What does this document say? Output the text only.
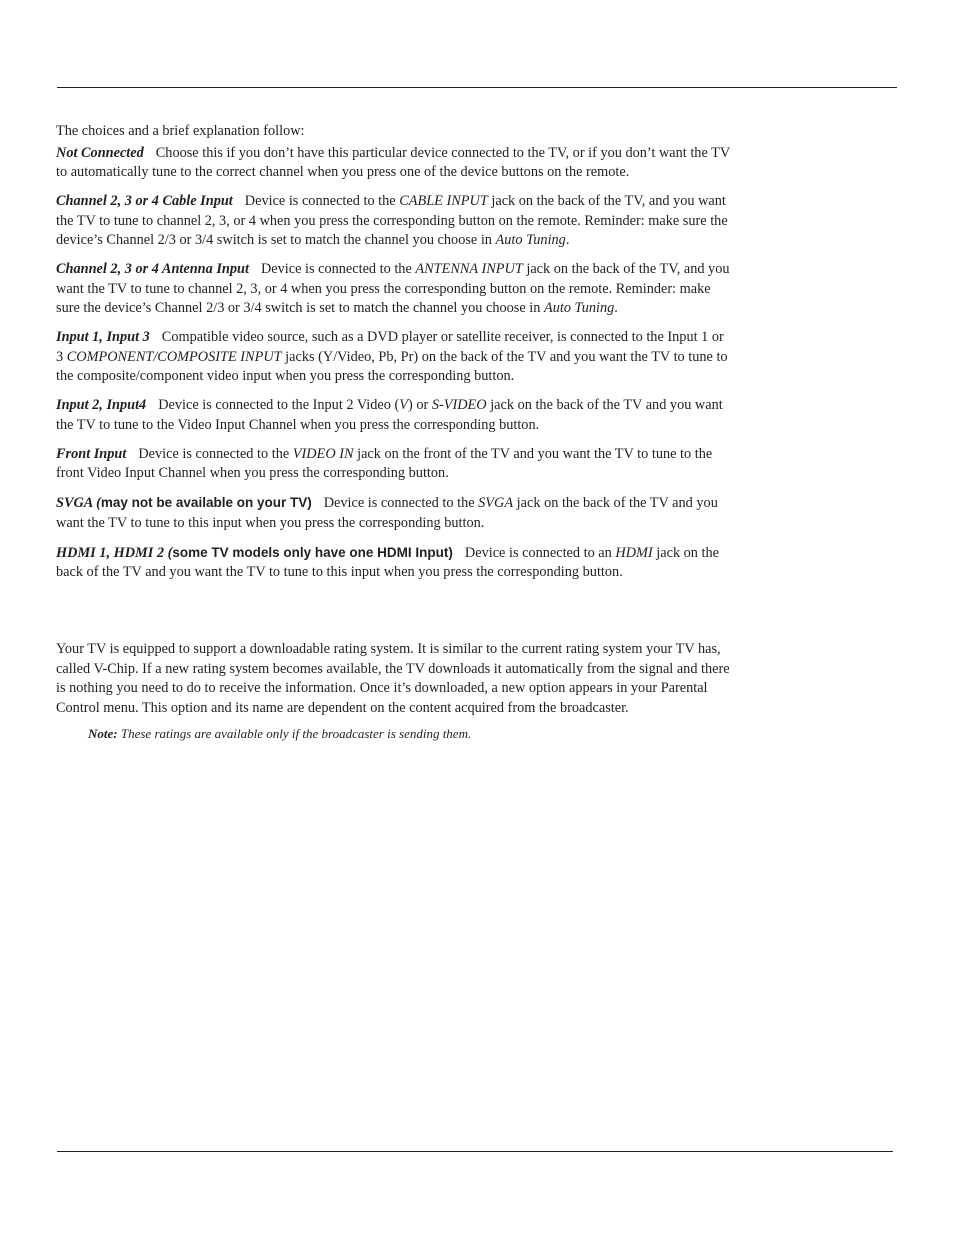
The choices and a brief explanation follow:

Not Connected Choose this if you don’t have this particular device connected to the TV, or if you don’t want the TV to automatically tune to the correct channel when you press one of the device buttons on the remote.

Channel 2, 3 or 4 Cable Input Device is connected to the CABLE INPUT jack on the back of the TV, and you want the TV to tune to channel 2, 3, or 4 when you press the corresponding button on the remote. Reminder: make sure the device’s Channel 2/3 or 3/4 switch is set to match the channel you choose in Auto Tuning.

Channel 2, 3 or 4 Antenna Input Device is connected to the ANTENNA INPUT jack on the back of the TV, and you want the TV to tune to channel 2, 3, or 4 when you press the corresponding button on the remote. Reminder: make sure the device’s Channel 2/3 or 3/4 switch is set to match the channel you choose in Auto Tuning.

Input 1, Input 3 Compatible video source, such as a DVD player or satellite receiver, is connected to the Input 1 or 3 COMPONENT/COMPOSITE INPUT jacks (Y/Video, Pb, Pr) on the back of the TV and you want the TV to tune to the composite/component video input when you press the corresponding button.

Input 2, Input4 Device is connected to the Input 2 Video (V) or S-VIDEO jack on the back of the TV and you want the TV to tune to the Video Input Channel when you press the corresponding button.

Front Input Device is connected to the VIDEO IN jack on the front of the TV and you want the TV to tune to the front Video Input Channel when you press the corresponding button.

SVGA (may not be available on your TV) Device is connected to the SVGA jack on the back of the TV and you want the TV to tune to this input when you press the corresponding button.

HDMI 1, HDMI 2 (some TV models only have one HDMI Input) Device is connected to an HDMI jack on the back of the TV and you want the TV to tune to this input when you press the corresponding button.

Your TV is equipped to support a downloadable rating system. It is similar to the current rating system your TV has, called V-Chip. If a new rating system becomes available, the TV downloads it automatically from the signal and there is nothing you need to do to receive the information. Once it’s downloaded, a new option appears in your Parental Control menu. This option and its name are dependent on the content acquired from the broadcaster.

Note: These ratings are available only if the broadcaster is sending them.
